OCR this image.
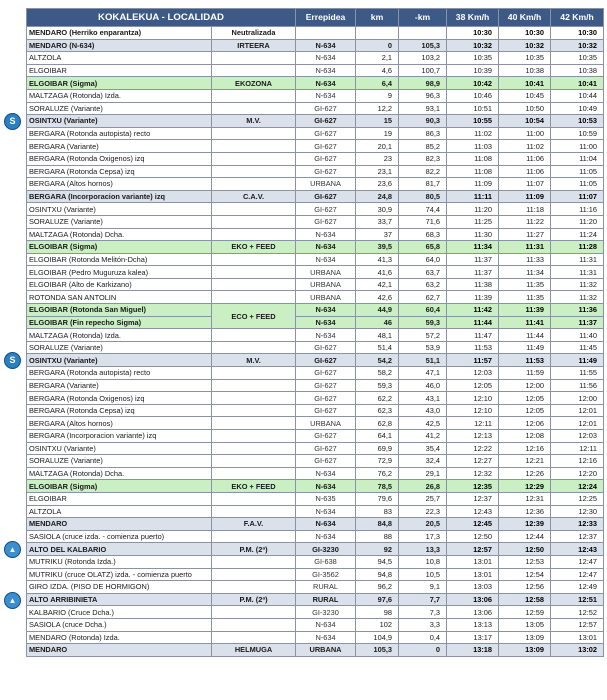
KOKALEKUA - LOCALIDAD		Errepidea	km	-km	38 Km/h	40 Km/h	42 Km/h
MENDARO (Herriko enparantza)	Neutralizada				10:30	10:30	10:30
MENDARO (N-634)	IRTEERA	N-634	0	105,3	10:32	10:32	10:32
ALTZOLA		N-634	2,1	103,2	10:35	10:35	10:35
ELGOIBAR		N-634	4,6	100,7	10:39	10:38	10:38
ELGOIBAR (Sigma)	EKOZONA	N-634	6,4	98,9	10:42	10:41	10:41
MALTZAGA (Rotonda) Izda.		N-634	9	96,3	10:46	10:45	10:44
SORALUZE (Variante)		GI-627	12,2	93,1	10:51	10:50	10:49
OSINTXU (Variante)	M.V.	GI-627	15	90,3	10:55	10:54	10:53
BERGARA (Rotonda autopista) recto		GI-627	19	86,3	11:02	11:00	10:59
BERGARA (Variante)		GI-627	20,1	85,2	11:03	11:02	11:00
BERGARA (Rotonda Oxigenos) izq		GI-627	23	82,3	11:08	11:06	11:04
BERGARA (Rotonda Cepsa) izq		GI-627	23,1	82,2	11:08	11:06	11:05
BERGARA (Altos hornos)		URBANA	23,6	81,7	11:09	11:07	11:05
BERGARA (Incorporacion variante) izq	C.A.V.	GI-627	24,8	80,5	11:11	11:09	11:07
OSINTXU (Variante)		GI-627	30,9	74,4	11:20	11:18	11:16
SORALUZE (Variante)		GI-627	33,7	71,6	11:25	11:22	11:20
MALTZAGA (Rotonda) Dcha.		N-634	37	68,3	11:30	11:27	11:24
ELGOIBAR (Sigma)	EKO + FEED	N-634	39,5	65,8	11:34	11:31	11:28
ELGOIBAR (Rotonda Melitón-Dcha)		N-634	41,3	64,0	11:37	11:33	11:31
ELGOIBAR (Pedro Muguruza kalea)		URBANA	41,6	63,7	11:37	11:34	11:31
ELGOIBAR (Alto de Karkizano)		URBANA	42,1	63,2	11:38	11:35	11:32
ROTONDA SAN ANTOLIN		URBANA	42,6	62,7	11:39	11:35	11:32
ELGOIBAR (Rotonda San Miguel)	ECO + FEED	N-634	44,9	60,4	11:42	11:39	11:36
ELGOIBAR (Fin repecho Sigma)		N-634	46	59,3	11:44	11:41	11:37
MALTZAGA (Rotonda) Izda.		N-634	48,1	57,2	11:47	11:44	11:40
SORALUZE (Variante)		GI-627	51,4	53,9	11:53	11:49	11:45
OSINTXU (Variante)	M.V.	GI-627	54,2	51,1	11:57	11:53	11:49
BERGARA (Rotonda autopista) recto		GI-627	58,2	47,1	12:03	11:59	11:55
BERGARA (Variante)		GI-627	59,3	46,0	12:05	12:00	11:56
BERGARA (Rotonda Oxigenos) izq		GI-627	62,2	43,1	12:10	12:05	12:00
BERGARA (Rotonda Cepsa) izq		GI-627	62,3	43,0	12:10	12:05	12:01
BERGARA (Altos hornos)		URBANA	62,8	42,5	12:11	12:06	12:01
BERGARA (Incorporacion variante) izq		GI-627	64,1	41,2	12:13	12:08	12:03
OSINTXU (Variante)		GI-627	69,9	35,4	12:22	12:16	12:11
SORALUZE (Variante)		GI-627	72,9	32,4	12:27	12:21	12:16
MALTZAGA (Rotonda) Dcha.		N-634	76,2	29,1	12:32	12:26	12:20
ELGOIBAR (Sigma)	EKO + FEED	N-634	78,5	26,8	12:35	12:29	12:24
ELGOIBAR		N-635	79,6	25,7	12:37	12:31	12:25
ALTZOLA		N-634	83	22,3	12:43	12:36	12:30
MENDARO	F.A.V.	N-634	84,8	20,5	12:45	12:39	12:33
SASIOLA (cruce izda. - comienza puerto)		N-634	88	17,3	12:50	12:44	12:37
ALTO DEL KALBARIO	P.M. (2ª)	GI-3230	92	13,3	12:57	12:50	12:43
MUTRIKU (Rotonda Izda.)		GI-638	94,5	10,8	13:01	12:53	12:47
MUTRIKU (cruce OLATZ) izda. - comienza puerto		GI-3562	94,8	10,5	13:01	12:54	12:47
GIRO IZDA. (PISO DE HORMIGON)		RURAL	96,2	9,1	13:03	12:56	12:49
ALTO ARRIBINIETA	P.M. (2ª)	RURAL	97,6	7,7	13:06	12:58	12:51
KALBARIO (Cruce Dcha.)		GI-3230	98	7,3	13:06	12:59	12:52
SASIOLA (cruce Dcha.)		N-634	102	3,3	13:13	13:05	12:57
MENDARO (Rotonda) Izda.		N-634	104,9	0,4	13:17	13:09	13:01
MENDARO	HELMUGA	URBANA	105,3	0	13:18	13:09	13:02
S
S
▲
▲
